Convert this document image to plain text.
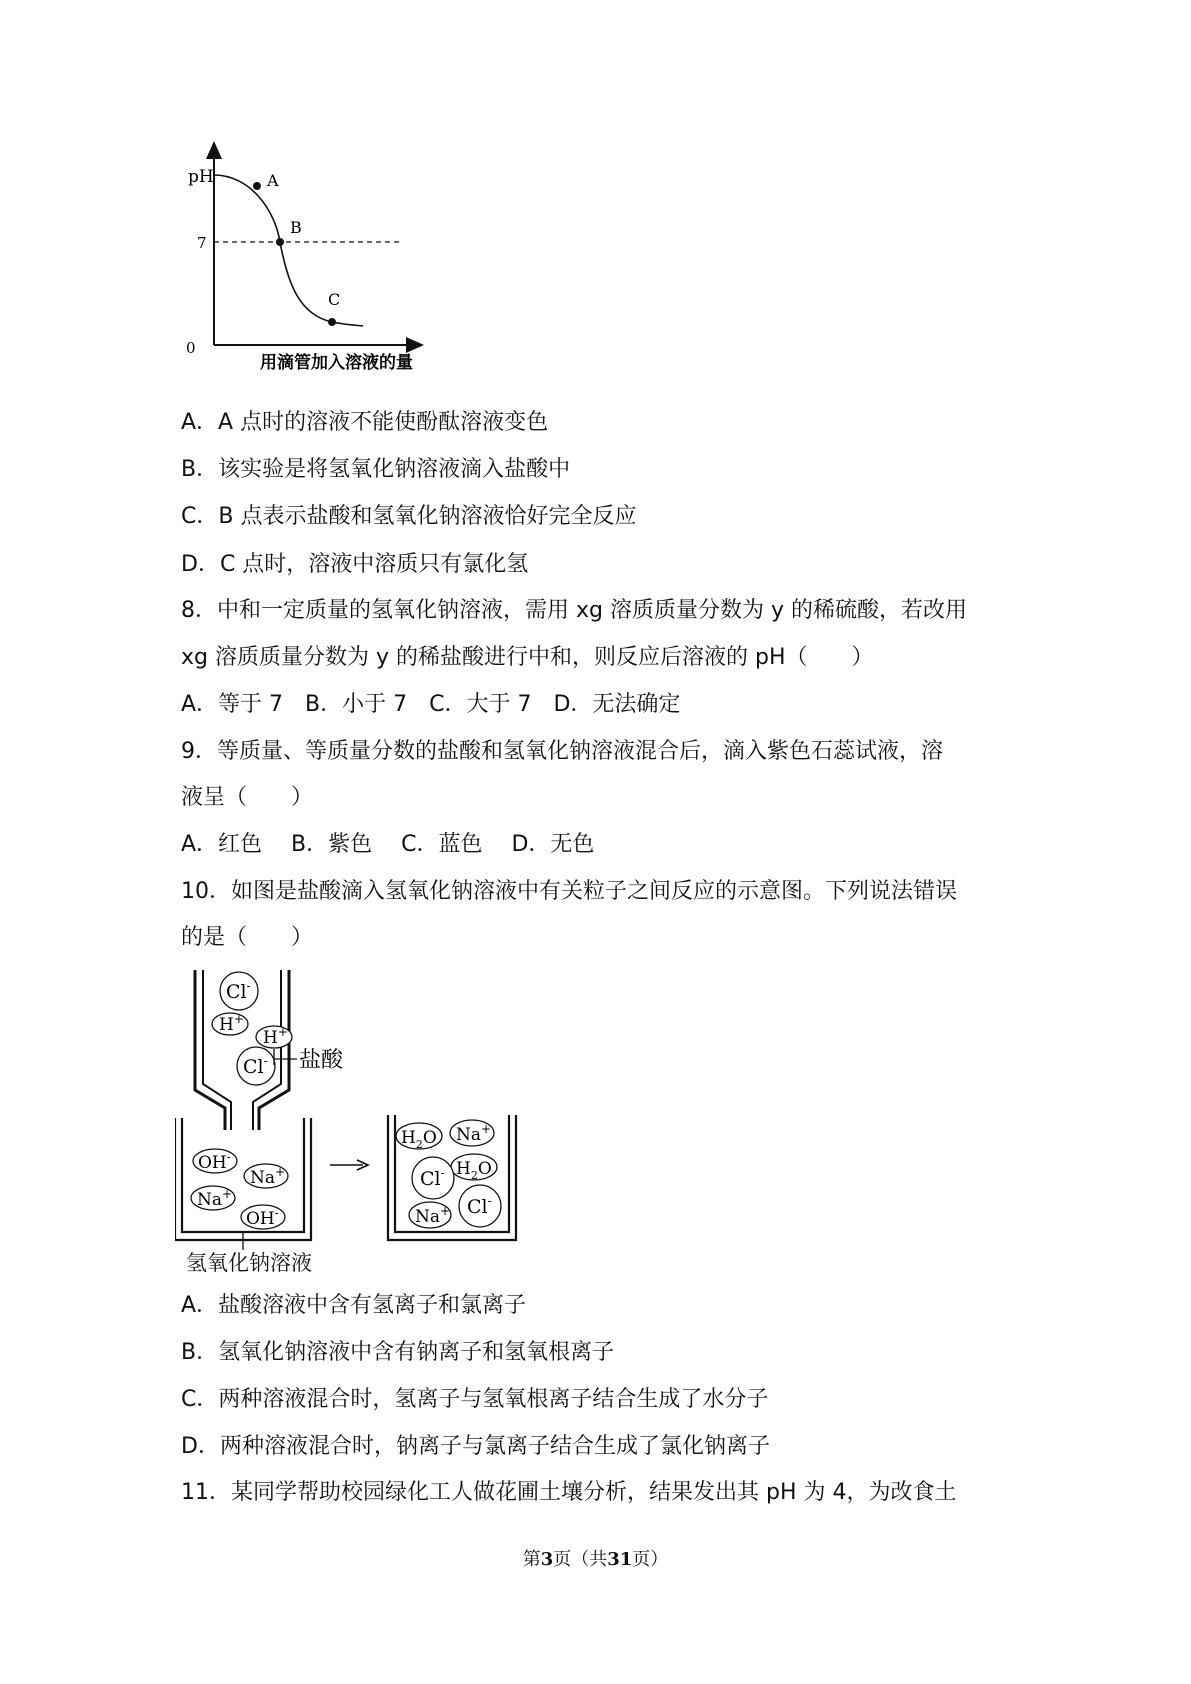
pH
7
0
A
B
C
用滴管加入溶液的量
A．A 点时的溶液不能使酚酞溶液变色
B．该实验是将氢氧化钠溶液滴入盐酸中
C．B 点表示盐酸和氢氧化钠溶液恰好完全反应
D．C 点时，溶液中溶质只有氯化氢
8．中和一定质量的氢氧化钠溶液，需用 xg 溶质质量分数为 y 的稀硫酸，若改用
xg 溶质质量分数为 y 的稀盐酸进行中和，则反应后溶液的 pH（　　）
A．等于 7　B．小于 7　C．大于 7　D．无法确定
9．等质量、等质量分数的盐酸和氢氧化钠溶液混合后，滴入紫色石蕊试液，溶
液呈（　　）
A．红色　 B．紫色　 C．蓝色　 D．无色
10．如图是盐酸滴入氢氧化钠溶液中有关粒子之间反应的示意图。下列说法错误
的是（　　）
Cl-
H+
H+
Cl- 盐酸
OH-
Na+
Na+
OH-
$H_2O$ Na+
$H_2O$
Cl-
Na+ Cl-
氢氧化钠溶液
A．盐酸溶液中含有氢离子和氯离子
B．氢氧化钠溶液中含有钠离子和氢氧根离子
C．两种溶液混合时，氢离子与氢氧根离子结合生成了水分子
D．两种溶液混合时，钠离子与氯离子结合生成了氯化钠离子
11．某同学帮助校园绿化工人做花圃土壤分析，结果发出其 pH 为 4，为改食土
第3页（共31页）
